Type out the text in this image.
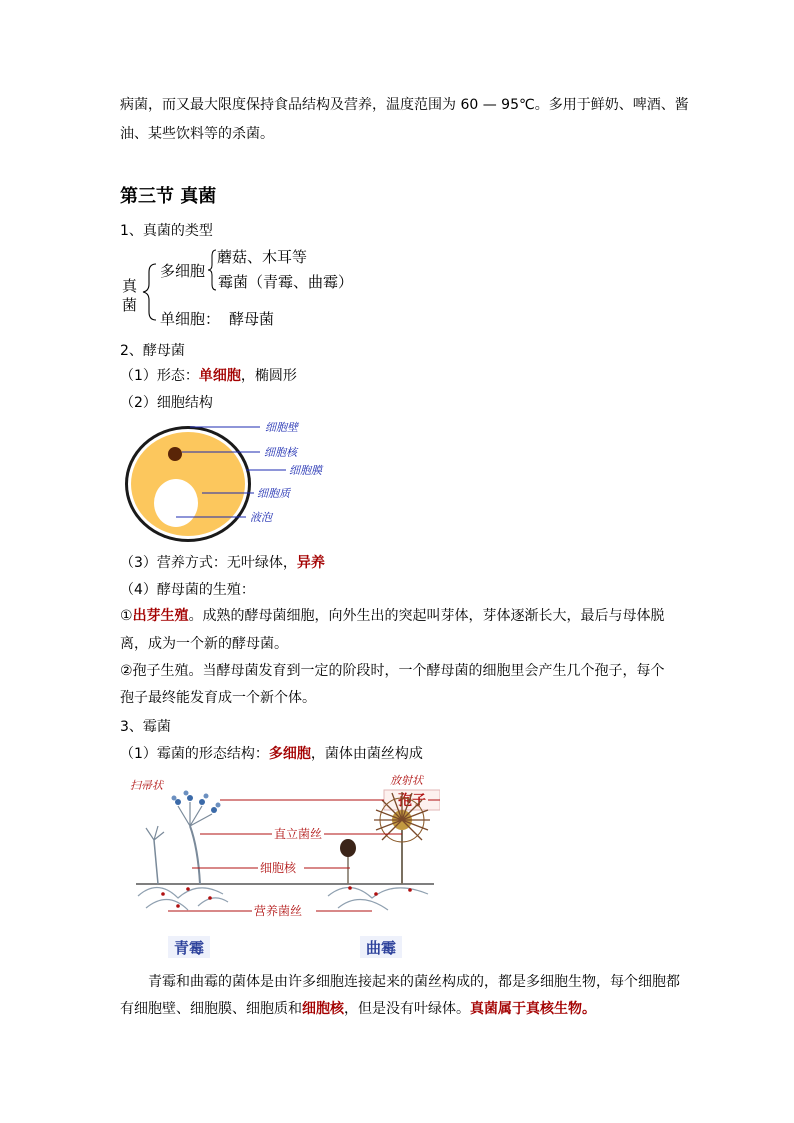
病菌，而又最大限度保持食品结构及营养，温度范围为 60 — 95℃。多用于鲜奶、啤酒、酱
油、某些饮料等的杀菌。
第三节 真菌
1、真菌的类型
真
菌
多细胞
蘑菇、木耳等
霉菌（青霉、曲霉）
单细胞： 酵母菌
2、酵母菌
（1）形态：单细胞，椭圆形
（2）细胞结构
细胞壁
细胞核
细胞膜
细胞质
液泡
（3）营养方式：无叶绿体，异养
（4）酵母菌的生殖：
①出芽生殖。成熟的酵母菌细胞，向外生出的突起叫芽体，芽体逐渐长大，最后与母体脱
离，成为一个新的酵母菌。
②孢子生殖。当酵母菌发育到一定的阶段时，一个酵母菌的细胞里会产生几个孢子，每个
孢子最终能发育成一个新个体。
3、霉菌
（1）霉菌的形态结构：多细胞，菌体由菌丝构成
孢子
直立菌丝
细胞核
营养菌丝
扫帚状	放射状
青霉	曲霉
青霉和曲霉的菌体是由许多细胞连接起来的菌丝构成的，都是多细胞生物，每个细胞都
有细胞壁、细胞膜、细胞质和细胞核，但是没有叶绿体。真菌属于真核生物。
